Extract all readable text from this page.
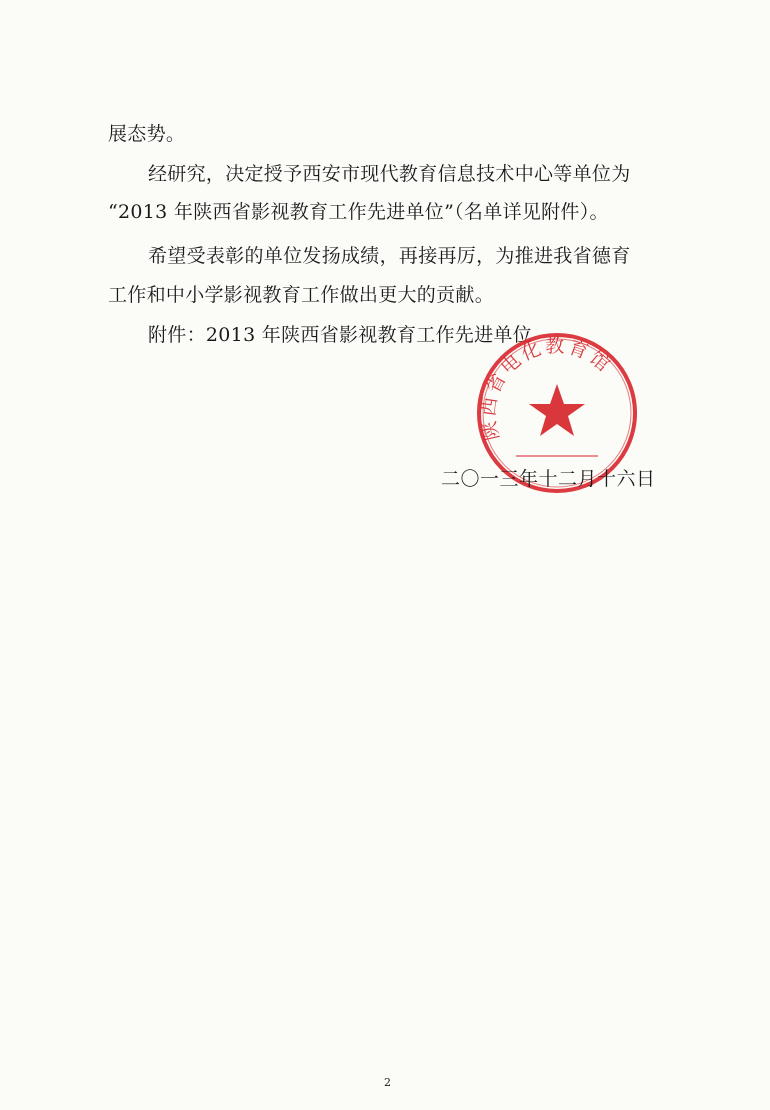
展态势。
经研究，决定授予西安市现代教育信息技术中心等单位为
“2013 年陕西省影视教育工作先进单位”（名单详见附件）。
希望受表彰的单位发扬成绩，再接再厉，为推进我省德育
工作和中小学影视教育工作做出更大的贡献。
附件：2013 年陕西省影视教育工作先进单位
陕西省电化教育馆
二〇一三年十二月十六日
2
